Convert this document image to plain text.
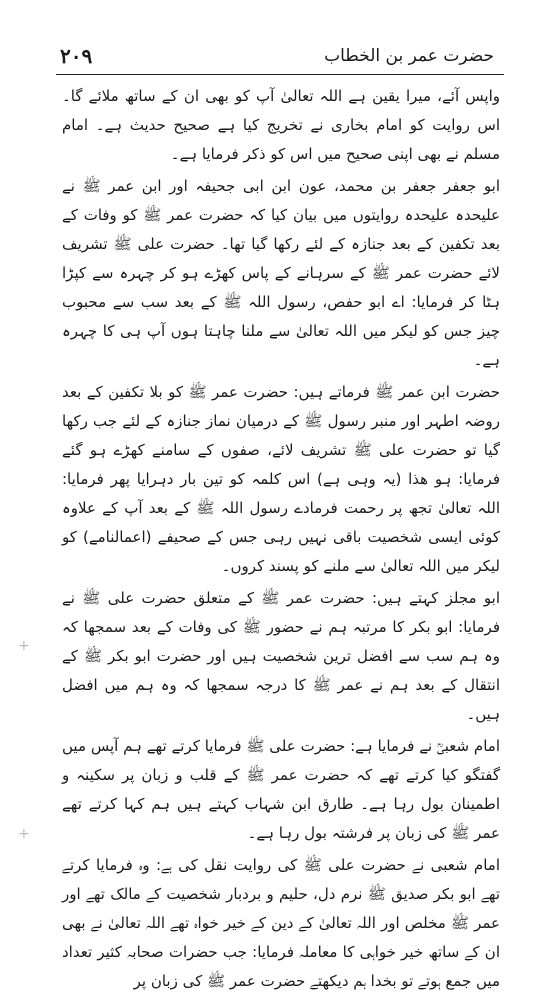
حضرت عمر بن الخطاب
۲۰۹

واپس آئے، میرا یقین ہے اللہ تعالیٰ آپ کو بھی ان کے ساتھ ملائے گا۔ اس روایت کو امام بخاری نے تخریج کیا ہے صحیح حدیث ہے۔ امام مسلم نے بھی اپنی صحیح میں اس کو ذکر فرمایا ہے۔

ابو جعفر جعفر بن محمد، عون ابن ابی جحیفہ اور ابن عمر ﷺ نے علیحدہ علیحدہ روایتوں میں بیان کیا کہ حضرت عمر ﷺ کو وفات کے بعد تکفین کے بعد جنازہ کے لئے رکھا گیا تھا۔ حضرت علی ﷺ تشریف لائے حضرت عمر ﷺ کے سرہانے کے پاس کھڑے ہو کر چہرہ سے کپڑا ہٹا کر فرمایا: اے ابو حفص، رسول اللہ ﷺ کے بعد سب سے محبوب چیز جس کو لیکر میں اللہ تعالیٰ سے ملنا چاہتا ہوں آپ ہی کا چہرہ ہے۔

حضرت ابن عمر ﷺ فرماتے ہیں: حضرت عمر ﷺ کو بلا تکفین کے بعد روضہ اطہر اور منبر رسول ﷺ کے درمیان نماز جنازہ کے لئے جب رکھا گیا تو حضرت علی ﷺ تشریف لائے، صفوں کے سامنے کھڑے ہو گئے فرمایا: ہو ھذا (یہ وہی ہے) اس کلمہ کو تین بار دہرایا پھر فرمایا: اللہ تعالیٰ تجھ پر رحمت فرمادے رسول اللہ ﷺ کے بعد آپ کے علاوہ کوئی ایسی شخصیت باقی نہیں رہی جس کے صحیفے (اعمالنامے) کو لیکر میں اللہ تعالیٰ سے ملنے کو پسند کروں۔

ابو مجلز کہتے ہیں: حضرت عمر ﷺ کے متعلق حضرت علی ﷺ نے فرمایا: ابو بکر کا مرتبہ ہم نے حضور ﷺ کی وفات کے بعد سمجھا کہ وہ ہم سب سے افضل ترین شخصیت ہیں اور حضرت ابو بکر ﷺ کے انتقال کے بعد ہم نے عمر ﷺ کا درجہ سمجھا کہ وہ ہم میں افضل ہیں۔

امام شعبیؒ نے فرمایا ہے: حضرت علی ﷺ فرمایا کرتے تھے ہم آپس میں گفتگو کیا کرتے تھے کہ حضرت عمر ﷺ کے قلب و زبان پر سکینہ و اطمینان بول رہا ہے۔ طارق ابن شہاب کہتے ہیں ہم کہا کرتے تھے عمر ﷺ کی زبان پر فرشتہ بول رہا ہے۔

امام شعبی نے حضرت علی ﷺ کی روایت نقل کی ہے: وہ فرمایا کرتے تھے ابو بکر صدیق ﷺ نرم دل، حلیم و بردبار شخصیت کے مالک تھے اور عمر ﷺ مخلص اور اللہ تعالیٰ کے دین کے خیر خواہ تھے اللہ تعالیٰ نے بھی ان کے ساتھ خیر خواہی کا معاملہ فرمایا: جب حضرات صحابہ کثیر تعداد میں جمع ہوتے تو بخدا ہم دیکھتے حضرت عمر ﷺ کی زبان پر

+
+
